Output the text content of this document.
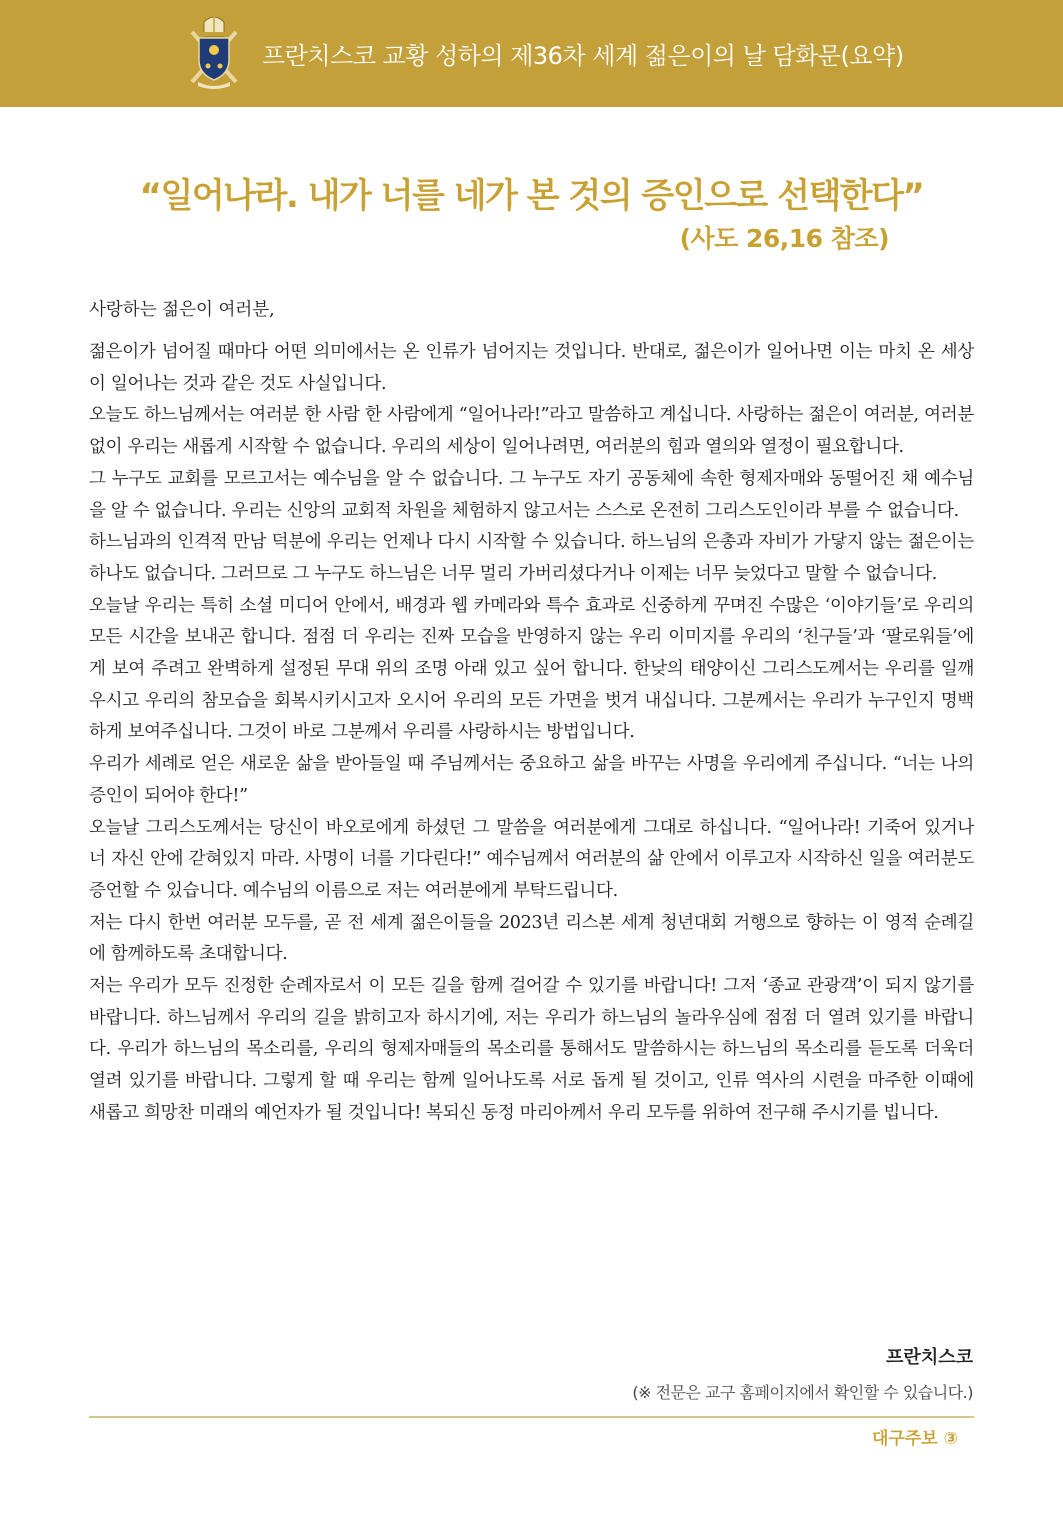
프란치스코 교황 성하의 제36차 세계 젊은이의 날 담화문(요약)
“일어나라. 내가 너를 네가 본 것의 증인으로 선택한다”
(사도 26,16 참조)
사랑하는 젊은이 여러분,

젊은이가 넘어질 때마다 어떤 의미에서는 온 인류가 넘어지는 것입니다. 반대로, 젊은이가 일어나면 이는 마치 온 세상이 일어나는 것과 같은 것도 사실입니다.

오늘도 하느님께서는 여러분 한 사람 한 사람에게 “일어나라!”라고 말씀하고 계십니다. 사랑하는 젊은이 여러분, 여러분 없이 우리는 새롭게 시작할 수 없습니다. 우리의 세상이 일어나려면, 여러분의 힘과 열의와 열정이 필요합니다.

그 누구도 교회를 모르고서는 예수님을 알 수 없습니다. 그 누구도 자기 공동체에 속한 형제자매와 동떨어진 채 예수님을 알 수 없습니다. 우리는 신앙의 교회적 차원을 체험하지 않고서는 스스로 온전히 그리스도인이라 부를 수 없습니다.

하느님과의 인격적 만남 덕분에 우리는 언제나 다시 시작할 수 있습니다. 하느님의 은총과 자비가 가닿지 않는 젊은이는 하나도 없습니다. 그러므로 그 누구도 하느님은 너무 멀리 가버리셨다거나 이제는 너무 늦었다고 말할 수 없습니다.

오늘날 우리는 특히 소셜 미디어 안에서, 배경과 웹 카메라와 특수 효과로 신중하게 꾸며진 수많은 ‘이야기들’로 우리의 모든 시간을 보내곤 합니다. 점점 더 우리는 진짜 모습을 반영하지 않는 우리 이미지를 우리의 ‘친구들’과 ‘팔로워들’에게 보여 주려고 완벽하게 설정된 무대 위의 조명 아래 있고 싶어 합니다. 한낮의 태양이신 그리스도께서는 우리를 일깨우시고 우리의 참모습을 회복시키시고자 오시어 우리의 모든 가면을 벗겨 내십니다. 그분께서는 우리가 누구인지 명백하게 보여주십니다. 그것이 바로 그분께서 우리를 사랑하시는 방법입니다.

우리가 세례로 얻은 새로운 삶을 받아들일 때 주님께서는 중요하고 삶을 바꾸는 사명을 우리에게 주십니다. “너는 나의 증인이 되어야 한다!”

오늘날 그리스도께서는 당신이 바오로에게 하셨던 그 말씀을 여러분에게 그대로 하십니다. “일어나라! 기죽어 있거나 너 자신 안에 갇혀있지 마라. 사명이 너를 기다린다!” 예수님께서 여러분의 삶 안에서 이루고자 시작하신 일을 여러분도 증언할 수 있습니다. 예수님의 이름으로 저는 여러분에게 부탁드립니다.

저는 다시 한번 여러분 모두를, 곧 전 세계 젊은이들을 2023년 리스본 세계 청년대회 거행으로 향하는 이 영적 순례길에 함께하도록 초대합니다.

저는 우리가 모두 진정한 순례자로서 이 모든 길을 함께 걸어갈 수 있기를 바랍니다! 그저 ‘종교 관광객’이 되지 않기를 바랍니다. 하느님께서 우리의 길을 밝히고자 하시기에, 저는 우리가 하느님의 놀라우심에 점점 더 열려 있기를 바랍니다. 우리가 하느님의 목소리를, 우리의 형제자매들의 목소리를 통해서도 말씀하시는 하느님의 목소리를 듣도록 더욱더 열려 있기를 바랍니다. 그렇게 할 때 우리는 함께 일어나도록 서로 돕게 될 것이고, 인류 역사의 시련을 마주한 이때에 새롭고 희망찬 미래의 예언자가 될 것입니다! 복되신 동정 마리아께서 우리 모두를 위하여 전구해 주시기를 빕니다.

프란치스코
(※ 전문은 교구 홈페이지에서 확인할 수 있습니다.)
대구주보 ③
